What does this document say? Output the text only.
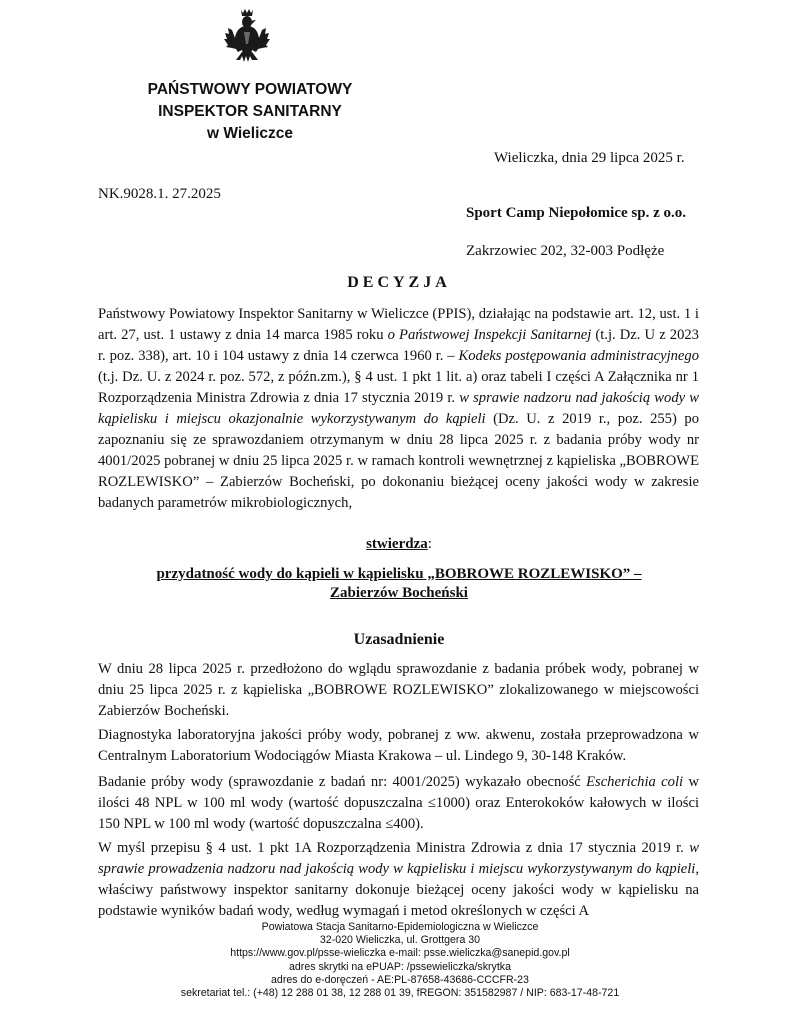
PAŃSTWOWY POWIATOWY
INSPEKTOR SANITARNY
w Wieliczce
Wieliczka, dnia 29 lipca 2025 r.
NK.9028.1. 27.2025
Sport Camp Niepołomice sp. z o.o.
Zakrzowiec 202, 32-003 Podłęże
DECYZJA
Państwowy Powiatowy Inspektor Sanitarny w Wieliczce (PPIS), działając na podstawie art. 12, ust. 1 i art. 27, ust. 1 ustawy z dnia 14 marca 1985 roku o Państwowej Inspekcji Sanitarnej (t.j. Dz. U z 2023 r. poz. 338), art. 10 i 104 ustawy z dnia 14 czerwca 1960 r. – Kodeks postępowania administracyjnego (t.j. Dz. U. z 2024 r. poz. 572, z późn.zm.), § 4 ust. 1 pkt 1 lit. a) oraz tabeli I części A Załącznika nr 1 Rozporządzenia Ministra Zdrowia z dnia 17 stycznia 2019 r. w sprawie nadzoru nad jakością wody w kąpielisku i miejscu okazjonalnie wykorzystywanym do kąpieli (Dz. U. z 2019 r., poz. 255) po zapoznaniu się ze sprawozdaniem otrzymanym w dniu 28 lipca 2025 r. z badania próby wody nr 4001/2025 pobranej w dniu 25 lipca 2025 r. w ramach kontroli wewnętrznej z kąpieliska „BOBROWE ROZLEWISKO” – Zabierzów Bocheński, po dokonaniu bieżącej oceny jakości wody w zakresie badanych parametrów mikrobiologicznych,
stwierdza:
przydatność wody do kąpieli w kąpielisku „BOBROWE ROZLEWISKO” –
Zabierzów Bocheński
Uzasadnienie
W dniu 28 lipca 2025 r. przedłożono do wglądu sprawozdanie z badania próbek wody, pobranej w dniu 25 lipca 2025 r. z kąpieliska „BOBROWE ROZLEWISKO” zlokalizowanego w miejscowości Zabierzów Bocheński.
Diagnostyka laboratoryjna jakości próby wody, pobranej z ww. akwenu, została przeprowadzona w Centralnym Laboratorium Wodociągów Miasta Krakowa – ul. Lindego 9, 30-148 Kraków.
Badanie próby wody (sprawozdanie z badań nr: 4001/2025) wykazało obecność Escherichia coli w ilości 48 NPL w 100 ml wody (wartość dopuszczalna ≤1000) oraz Enterokoków kałowych w ilości 150 NPL w 100 ml wody (wartość dopuszczalna ≤400).
W myśl przepisu § 4 ust. 1 pkt 1A Rozporządzenia Ministra Zdrowia z dnia 17 stycznia 2019 r. w sprawie prowadzenia nadzoru nad jakością wody w kąpielisku i miejscu wykorzystywanym do kąpieli, właściwy państwowy inspektor sanitarny dokonuje bieżącej oceny jakości wody w kąpielisku na podstawie wyników badań wody, według wymagań i metod określonych w części A
Powiatowa Stacja Sanitarno-Epidemiologiczna w Wieliczce
32-020 Wieliczka, ul. Grottgera 30
https://www.gov.pl/psse-wieliczka e-mail: psse.wieliczka@sanepid.gov.pl
adres skrytki na ePUAP: /pssewieliczka/skrytka
adres do e-doręczeń - AE:PL-87658-43686-CCCFR-23
sekretariat tel.: (+48) 12 288 01 38, 12 288 01 39, fREGON: 351582987 / NIP: 683-17-48-721
